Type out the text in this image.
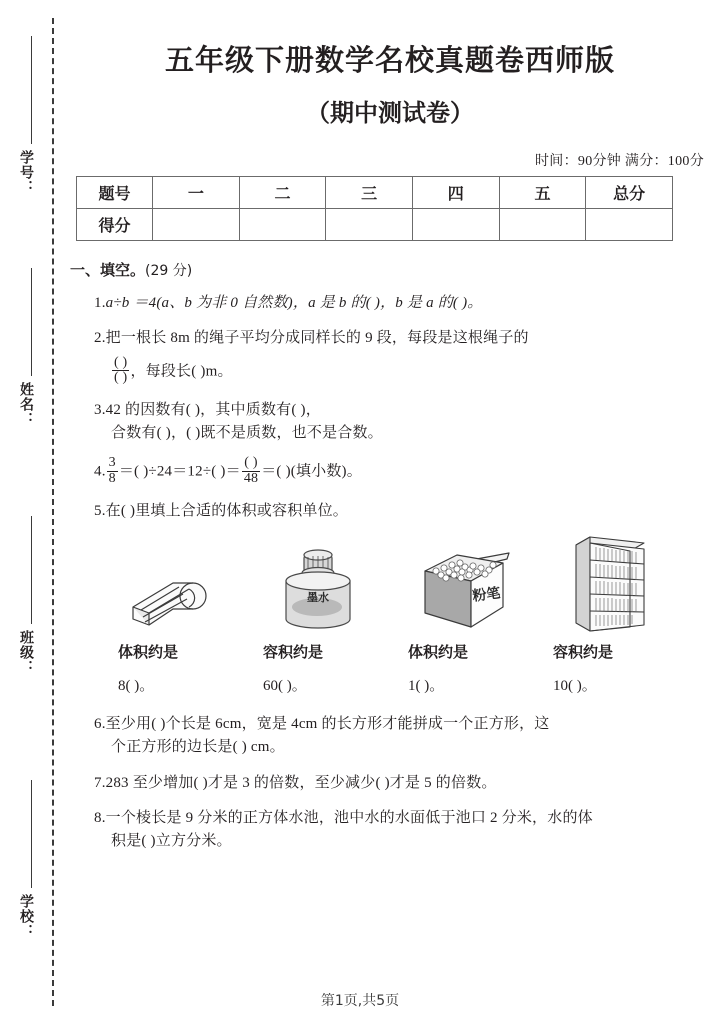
学号：
姓名：
班级：
学校：
五年级下册数学名校真题卷西师版
（期中测试卷）
时间：90分钟 满分：100分
题号	一	二	三	四	五	总分
得分						
一、填空。(29 分)
1.a÷b ＝4(a、b 为非 0 自然数)，a 是 b 的( )，b 是 a 的( )。
2.把一根长 8m 的绳子平均分成同样长的 9 段，每段是这根绳子的
$\frac{( )}{( )}$ ，每段长( )m。
3.42 的因数有( )，其中质数有( )，
合数有( )，( )既不是质数，也不是合数。
4. $\frac{3}{8}$ ＝( )÷24＝12÷( )＝ $\frac{( )}{48}$ ＝( )(填小数)。
5.在( )里填上合适的体积或容积单位。
墨水	粉笔
体积约是	容积约是	体积约是	容积约是
8( )。	60( )。	1( )。	10( )。
6.至少用( )个长是 6cm，宽是 4cm 的长方形才能拼成一个正方形，这
个正方形的边长是( ) cm。
7.283 至少增加( )才是 3 的倍数，至少减少( )才是 5 的倍数。
8.一个棱长是 9 分米的正方体水池，池中水的水面低于池口 2 分米，水的体
积是( )立方分米。
第1页,共5页
